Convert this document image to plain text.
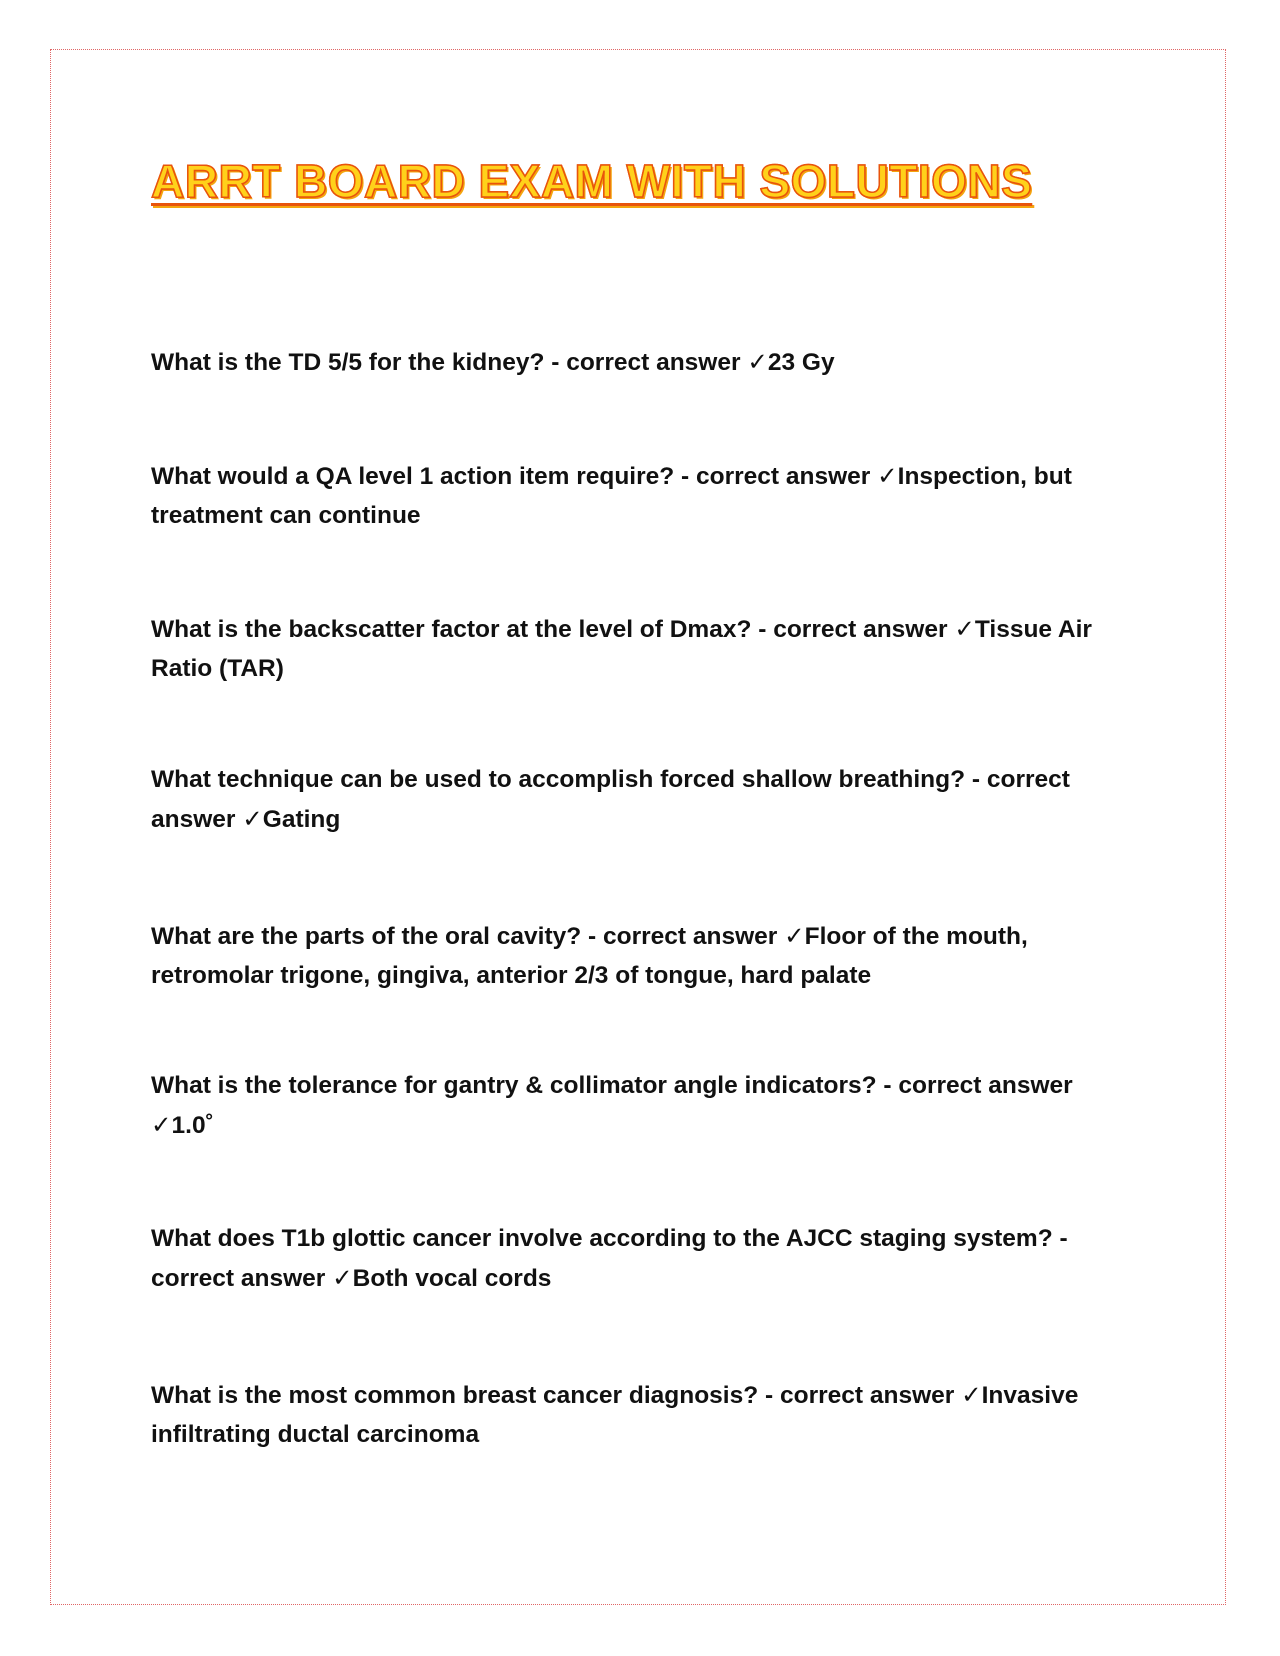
ARRT BOARD EXAM WITH SOLUTIONS

What is the TD 5/5 for the kidney? - correct answer ✓23 Gy

What would a QA level 1 action item require? - correct answer ✓Inspection, but treatment can continue

What is the backscatter factor at the level of Dmax? - correct answer ✓Tissue Air Ratio (TAR)

What technique can be used to accomplish forced shallow breathing? - correct answer ✓Gating

What are the parts of the oral cavity? - correct answer ✓Floor of the mouth, retromolar trigone, gingiva, anterior 2/3 of tongue, hard palate

What is the tolerance for gantry & collimator angle indicators? - correct answer ✓1.0˚

What does T1b glottic cancer involve according to the AJCC staging system? - correct answer ✓Both vocal cords

What is the most common breast cancer diagnosis? - correct answer ✓Invasive infiltrating ductal carcinoma
